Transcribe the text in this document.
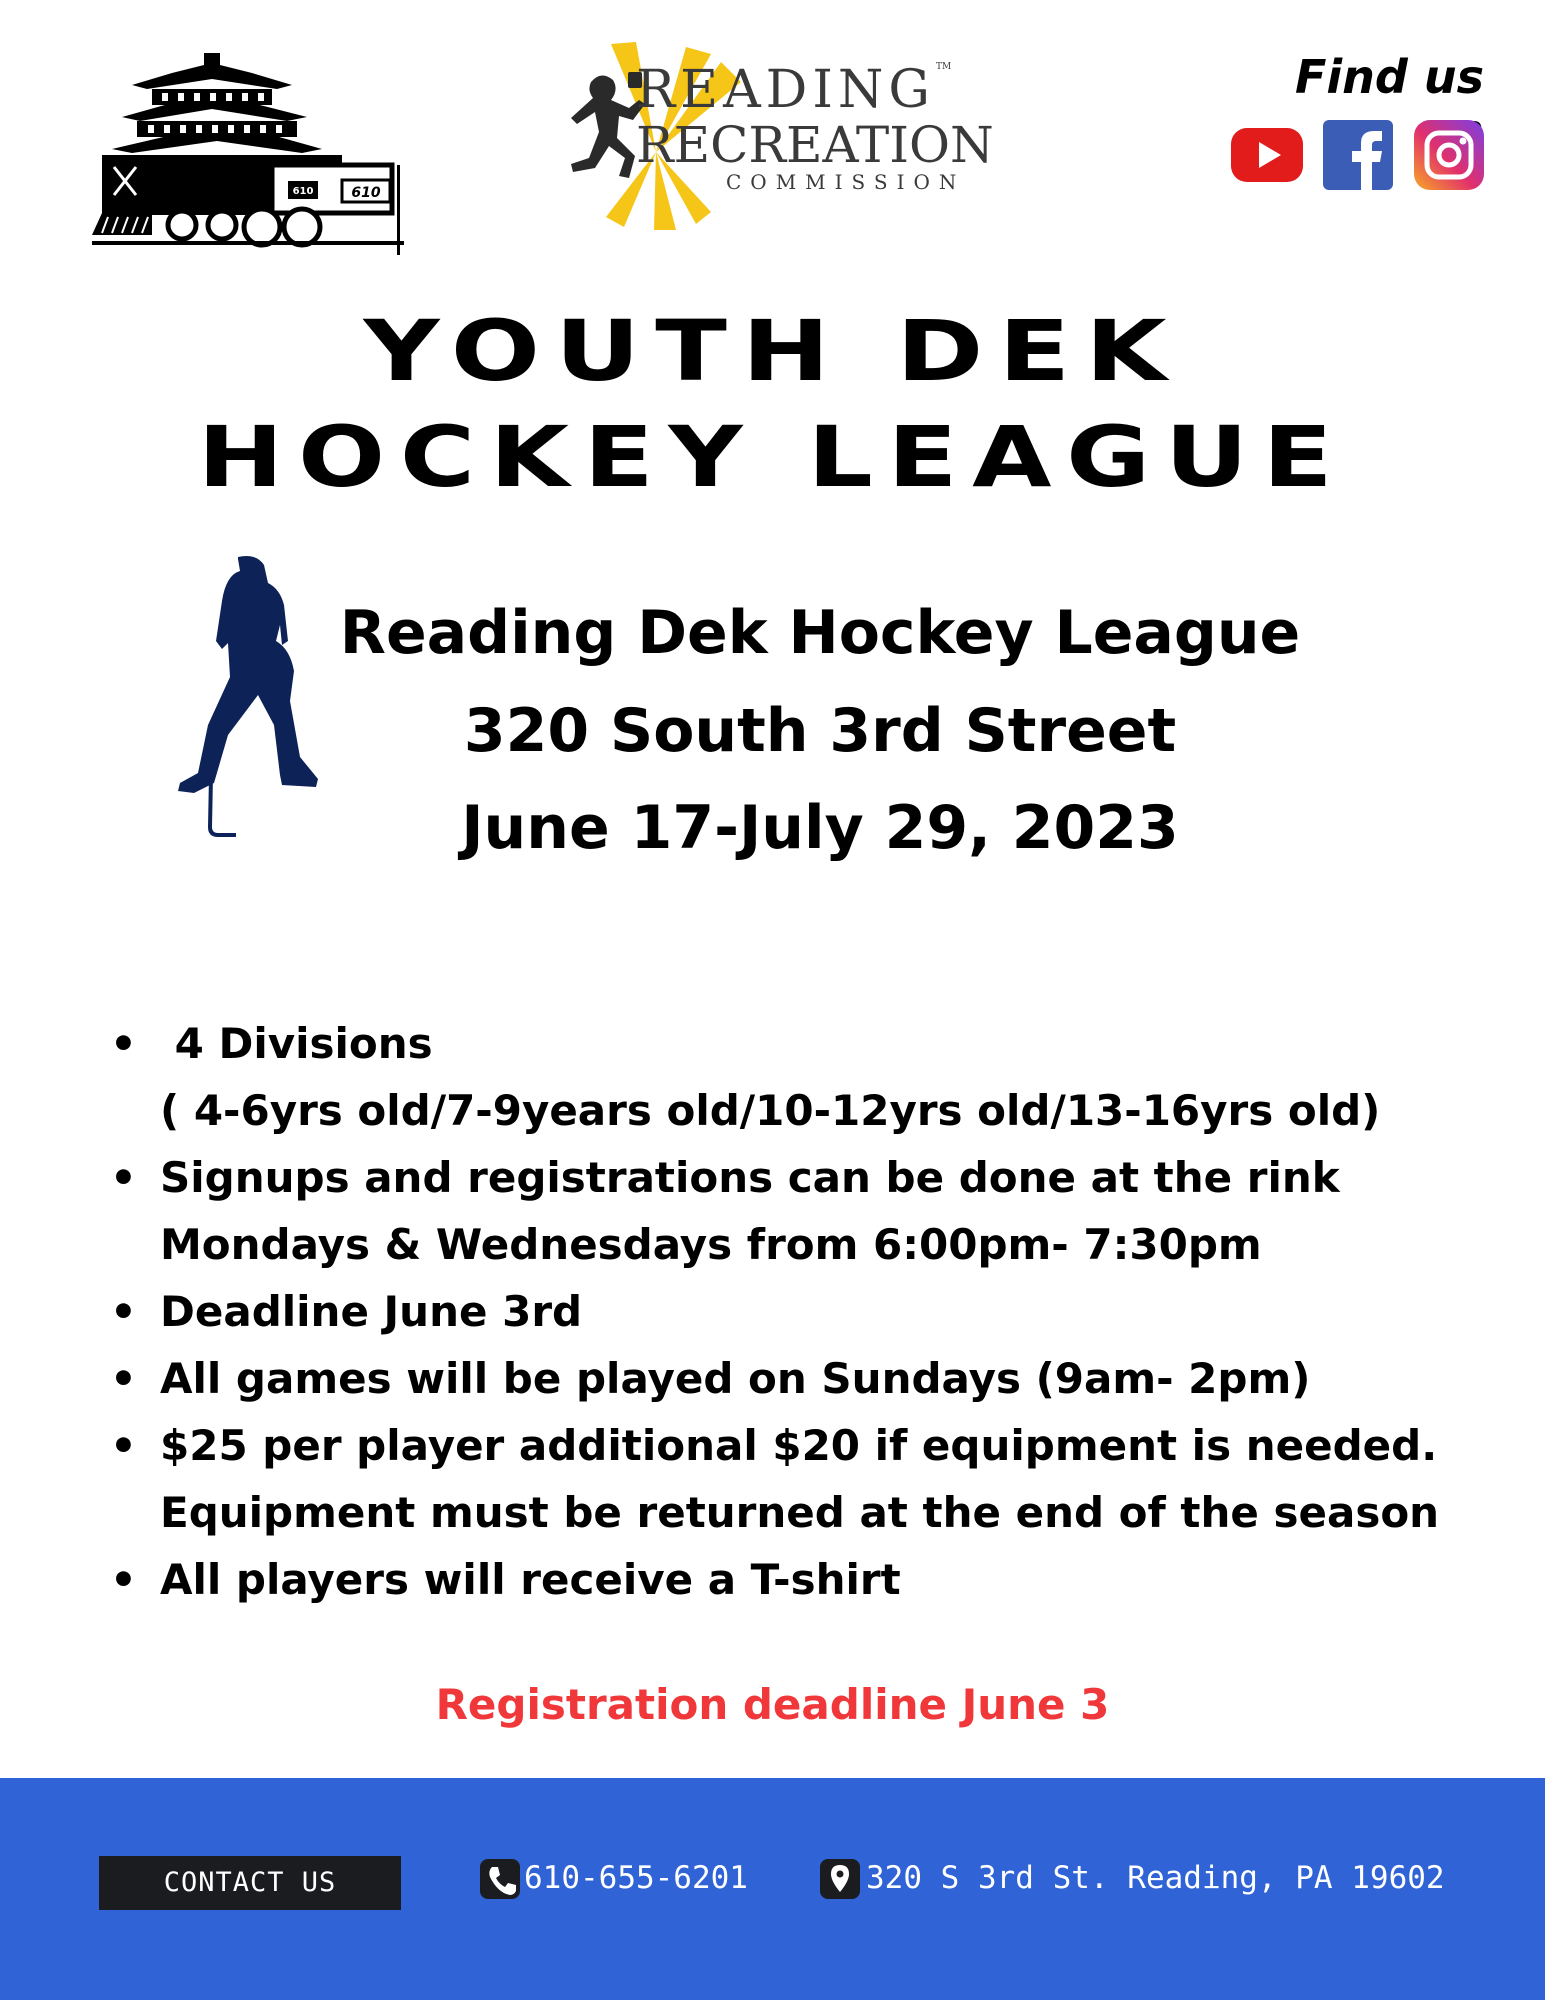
610
610
READING
RECREATION
COMMISSION
TM	Find us
YOUTH DEK
HOCKEY LEAGUE
Reading Dek Hockey League
320 South 3rd Street
June 17-July 29, 2023
•  4 Divisions
( 4-6yrs old/7-9years old/10-12yrs old/13-16yrs old)
• Signups and registrations can be done at the rink
Mondays & Wednesdays from 6:00pm- 7:30pm
• Deadline June 3rd
• All games will be played on Sundays (9am- 2pm)
• $25 per player additional $20 if equipment is needed.
Equipment must be returned at the end of the season
• All players will receive a T-shirt
Registration deadline June 3
CONTACT US	610-655-6201	320 S 3rd St. Reading, PA 19602
